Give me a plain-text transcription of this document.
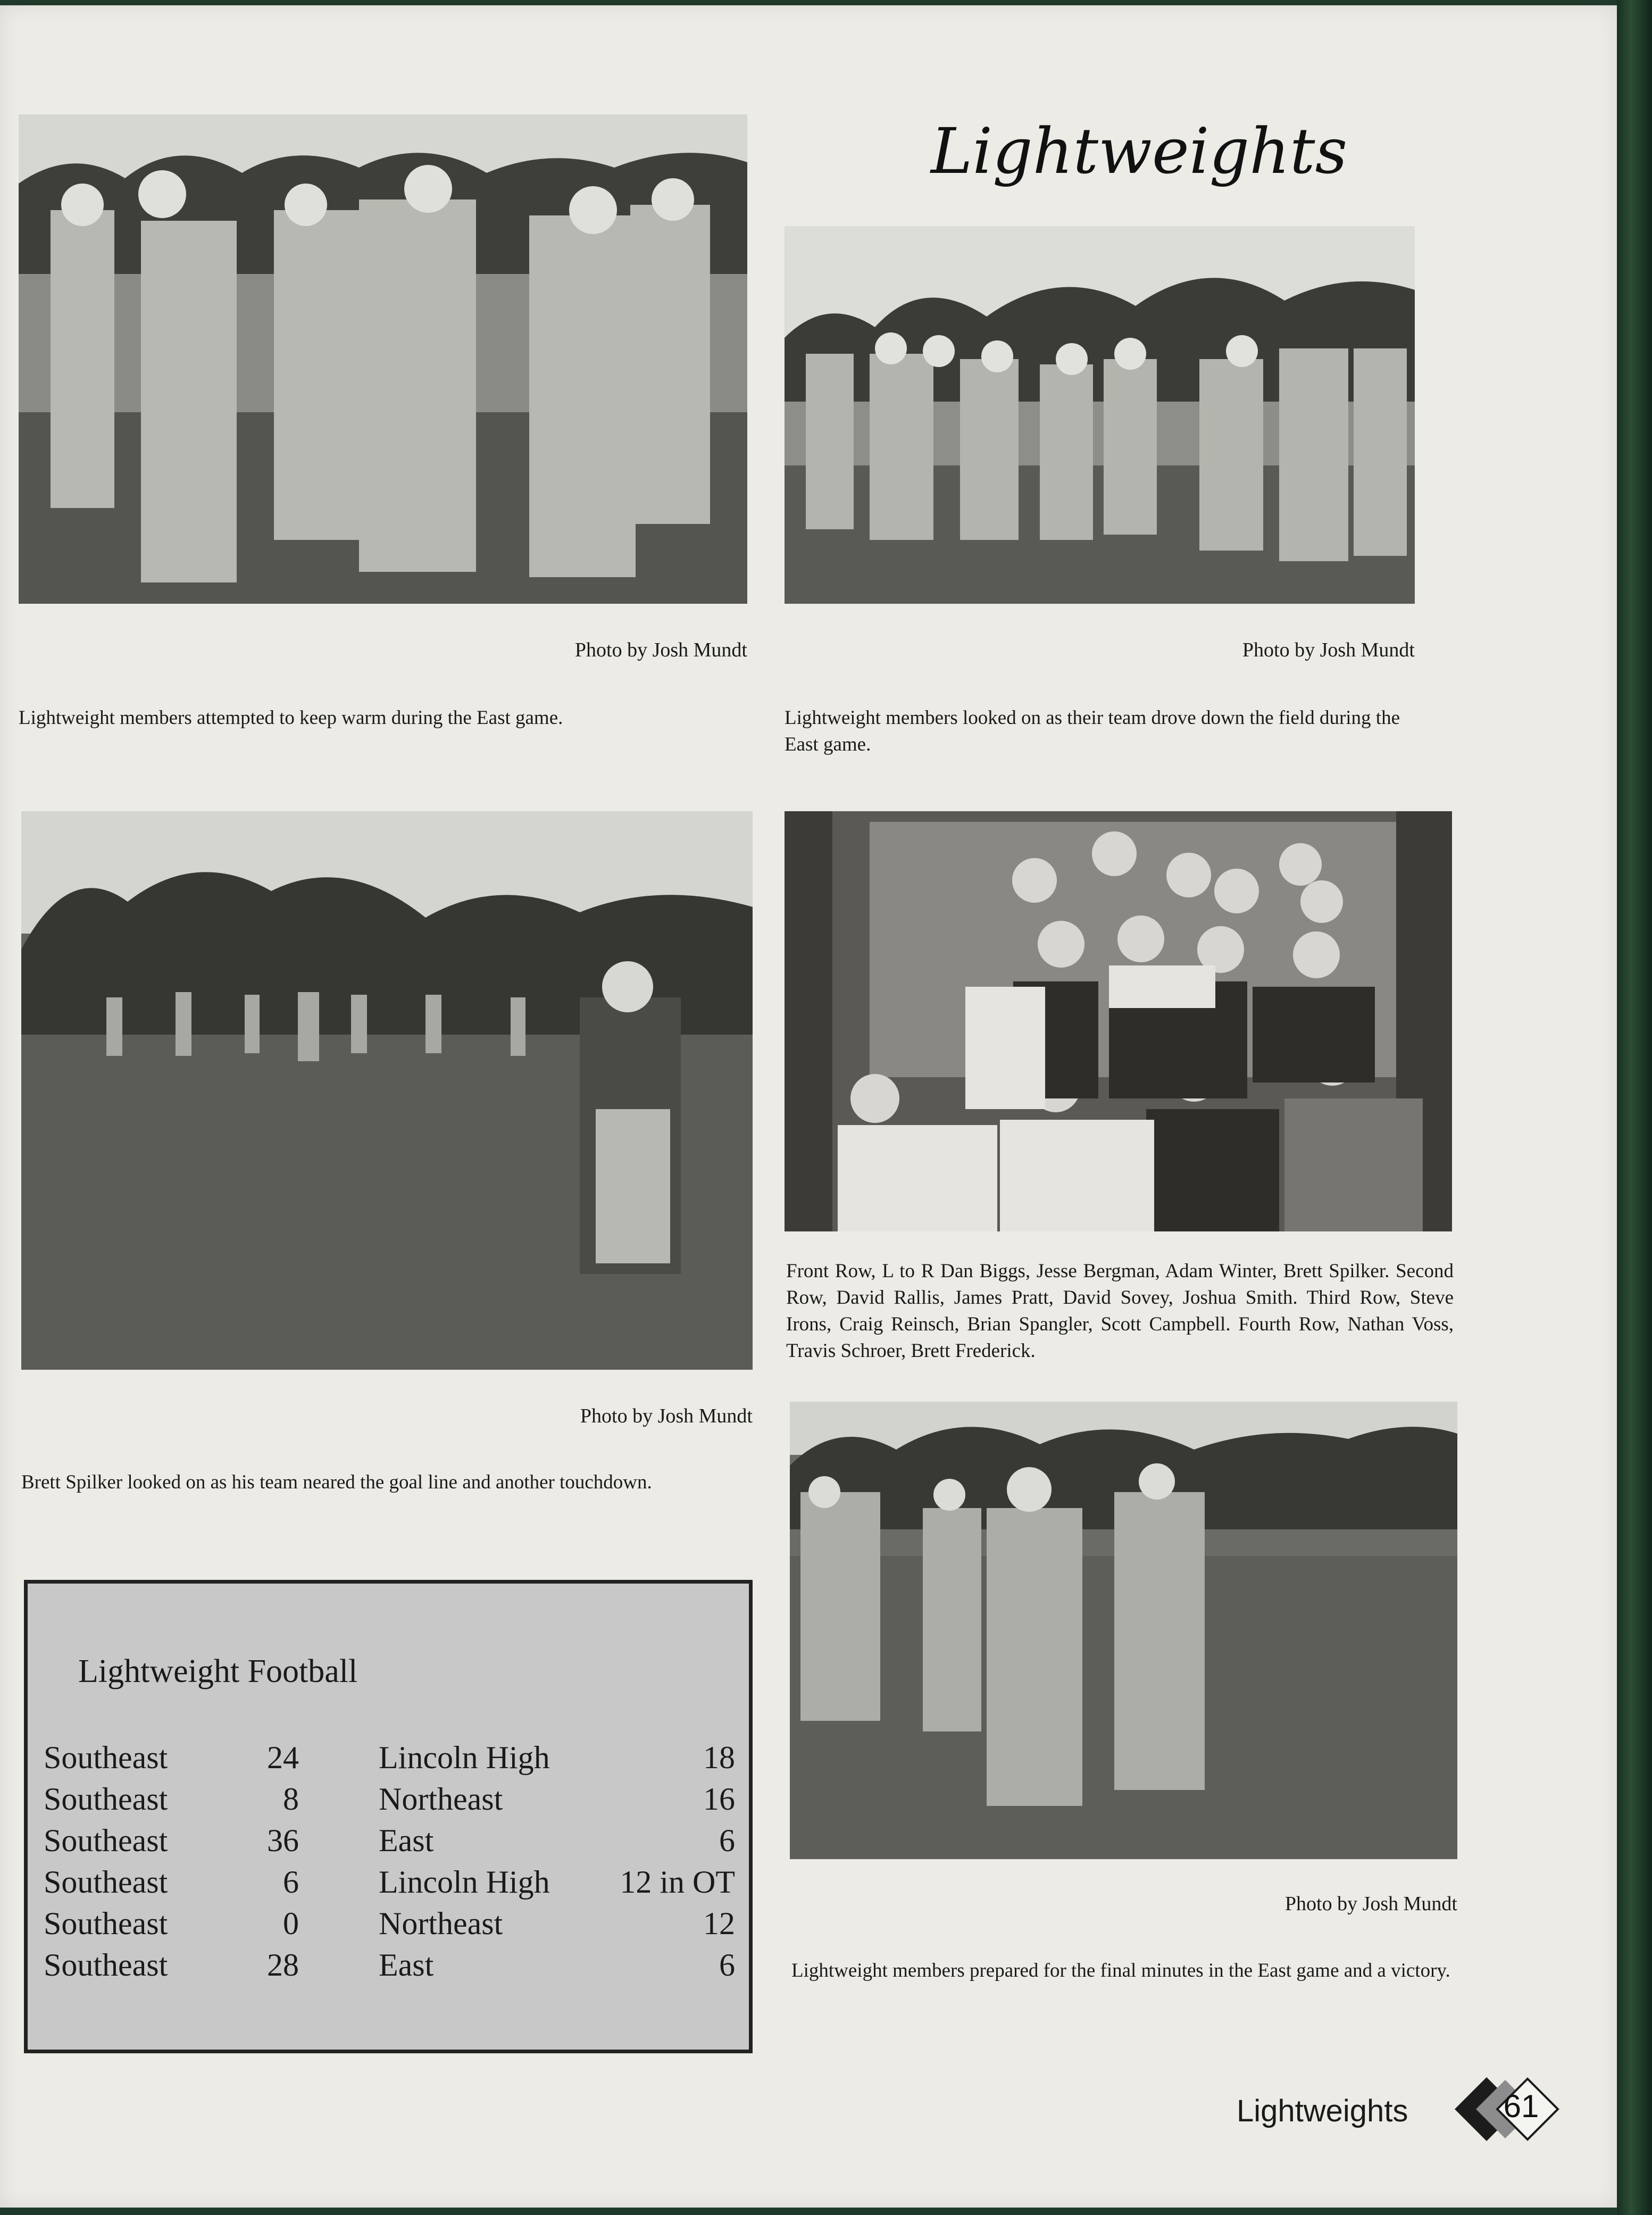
Lightweights
Photo by Josh Mundt
Lightweight members attempted to keep warm during the East game.
Photo by Josh Mundt
Lightweight members looked on as their team drove down the field during the East game.
Photo by Josh Mundt
Brett Spilker looked on as his team neared the goal line and another touchdown.
Front Row, L to R Dan Biggs, Jesse Bergman, Adam Winter, Brett Spilker. Second Row, David Rallis, James Pratt, David Sovey, Joshua Smith. Third Row, Steve Irons, Craig Reinsch, Brian Spangler, Scott Campbell. Fourth Row, Nathan Voss, Travis Schroer, Brett Frederick.
Photo by Josh Mundt
Lightweight members prepared for the final minutes in the East game and a victory.
Lightweight Football
Southeast	24	Lincoln High	18
Southeast	8	Northeast	16
Southeast	36	East	6
Southeast	6	Lincoln High	12 in OT
Southeast	0	Northeast	12
Southeast	28	East	6
Lightweights	61
